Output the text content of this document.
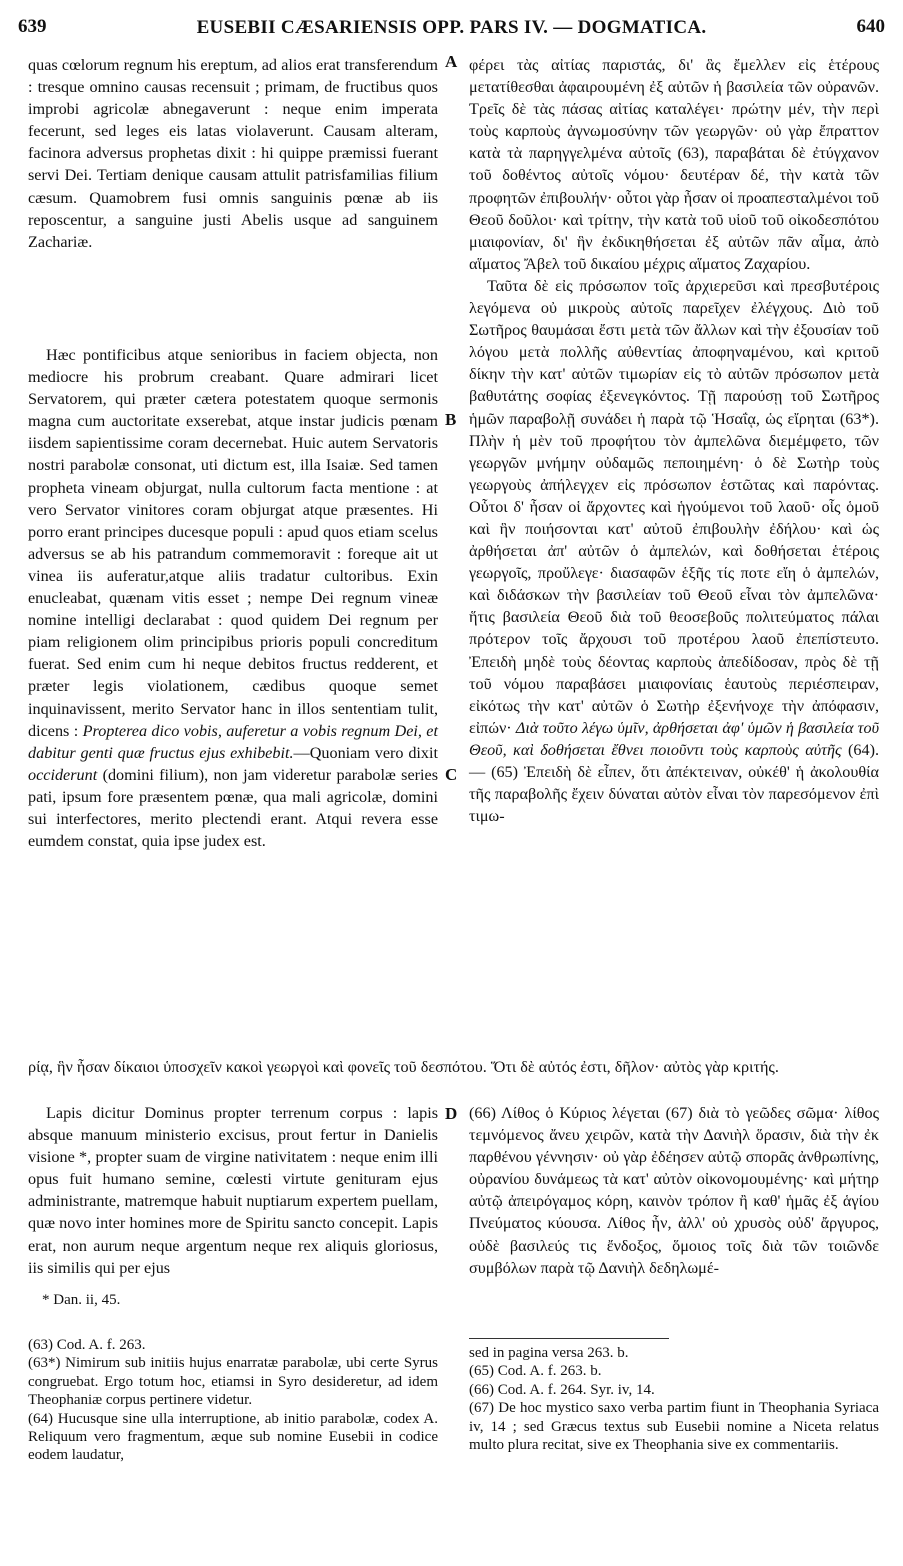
639	EUSEBII CÆSARIENSIS OPP. PARS IV. — DOGMATICA.	640
A
B
C
D

quas cœlorum regnum his ereptum, ad alios erat transferendum : tresque omnino causas recensuit ; primam, de fructibus quos improbi agricolæ abnegaverunt : neque enim imperata fecerunt, sed leges eis latas violaverunt. Causam alteram, facinora adversus prophetas dixit : hi quippe præmissi fuerant servi Dei. Tertiam denique causam attulit patrisfamilias filium cæsum. Quamobrem fusi omnis sanguinis pœnæ ab iis reposcentur, a sanguine justi Abelis usque ad sanguinem Zachariæ.

Hæc pontificibus atque senioribus in faciem objecta, non mediocre his probrum creabant. Quare admirari licet Servatorem, qui præter cætera potestatem quoque sermonis magna cum auctoritate exserebat, atque instar judicis pœnam iisdem sapientissime coram decernebat. Huic autem Servatoris nostri parabolæ consonat, uti dictum est, illa Isaiæ. Sed tamen propheta vineam objurgat, nulla cultorum facta mentione : at vero Servator vinitores coram objurgat atque præsentes. Hi porro erant principes ducesque populi : apud quos etiam scelus adversus se ab his patrandum commemoravit : foreque ait ut vinea iis auferatur,atque aliis tradatur cultoribus. Exin enucleabat, quænam vitis esset ; nempe Dei regnum vineæ nomine intelligi declarabat : quod quidem Dei regnum per piam religionem olim principibus prioris populi concreditum fuerat. Sed enim cum hi neque debitos fructus redderent, et præter legis violationem, cædibus quoque semet inquinavissent, merito Servator hanc in illos sententiam tulit, dicens : Propterea dico vobis, auferetur a vobis regnum Dei, et dabitur genti quæ fructus ejus exhibebit.—Quoniam vero dixit occiderunt (domini filium), non jam videretur parabolæ series pati, ipsum fore præsentem pœnæ, qua mali agricolæ, domini sui interfectores, merito plectendi erant. Atqui revera esse eumdem constat, quia ipse judex est.

φέρει τὰς αἰτίας παριστάς, δι' ἃς ἔμελλεν εἰς ἑτέρους μετατίθεσθαι ἀφαιρουμένη ἐξ αὐτῶν ἡ βασιλεία τῶν οὐρανῶν. Τρεῖς δὲ τὰς πάσας αἰτίας καταλέγει· πρώτην μέν, τὴν περὶ τοὺς καρποὺς ἀγνωμοσύνην τῶν γεωργῶν· οὐ γὰρ ἔπραττον κατὰ τὰ παρηγγελμένα αὐτοῖς (63), παραβάται δὲ ἐτύγχανον τοῦ δοθέντος αὐτοῖς νόμου· δευτέραν δέ, τὴν κατὰ τῶν προφητῶν ἐπιβουλήν· οὗτοι γὰρ ἦσαν οἱ προαπεσταλμένοι τοῦ Θεοῦ δοῦλοι· καὶ τρίτην, τὴν κατὰ τοῦ υἱοῦ τοῦ οἰκοδεσπότου μιαιφονίαν, δι' ἣν ἐκδικηθήσεται ἐξ αὐτῶν πᾶν αἷμα, ἀπὸ αἵματος Ἄβελ τοῦ δικαίου μέχρις αἵματος Ζαχαρίου.

Ταῦτα δὲ εἰς πρόσωπον τοῖς ἀρχιερεῦσι καὶ πρεσβυτέροις λεγόμενα οὐ μικροὺς αὐτοῖς παρεῖχεν ἐλέγχους. Διὸ τοῦ Σωτῆρος θαυμάσαι ἔστι μετὰ τῶν ἄλλων καὶ τὴν ἐξουσίαν τοῦ λόγου μετὰ πολλῆς αὐθεντίας ἀποφηναμένου, καὶ κριτοῦ δίκην τὴν κατ' αὐτῶν τιμωρίαν εἰς τὸ αὐτῶν πρόσωπον μετὰ βαθυτάτης σοφίας ἐξενεγκόντος. Τῇ παρούσῃ τοῦ Σωτῆρος ἡμῶν παραβολῇ συνάδει ἡ παρὰ τῷ Ἡσαΐᾳ, ὡς εἴρηται (63*). Πλὴν ἡ μὲν τοῦ προφήτου τὸν ἀμπελῶνα διεμέμφετο, τῶν γεωργῶν μνήμην οὐδαμῶς πεποιημένη· ὁ δὲ Σωτὴρ τοὺς γεωργοὺς ἀπήλεγχεν εἰς πρόσωπον ἑστῶτας καὶ παρόντας. Οὗτοι δ' ἦσαν οἱ ἄρχοντες καὶ ἡγούμενοι τοῦ λαοῦ· οἷς ὁμοῦ καὶ ἣν ποιήσονται κατ' αὐτοῦ ἐπιβουλὴν ἐδήλου· καὶ ὡς ἀρθήσεται ἀπ' αὐτῶν ὁ ἀμπελών, καὶ δοθήσεται ἑτέροις γεωργοῖς, προὔλεγε· διασαφῶν ἑξῆς τίς ποτε εἴη ὁ ἀμπελών, καὶ διδάσκων τὴν βασιλείαν τοῦ Θεοῦ εἶναι τὸν ἀμπελῶνα· ἥτις βασιλεία Θεοῦ διὰ τοῦ θεοσεβοῦς πολιτεύματος πάλαι πρότερον τοῖς ἄρχουσι τοῦ προτέρου λαοῦ ἐπεπίστευτο. Ἐπειδὴ μηδὲ τοὺς δέοντας καρποὺς ἀπεδίδοσαν, πρὸς δὲ τῇ τοῦ νόμου παραβάσει μιαιφονίαις ἑαυτοὺς περιέσπειραν, εἰκότως τὴν κατ' αὐτῶν ὁ Σωτὴρ ἐξενήνοχε τὴν ἀπόφασιν, εἰπών· Διὰ τοῦτο λέγω ὑμῖν, ἀρθήσεται ἀφ' ὑμῶν ἡ βασιλεία τοῦ Θεοῦ, καὶ δοθήσεται ἔθνει ποιοῦντι τοὺς καρποὺς αὐτῆς (64). — (65) Ἐπειδὴ δὲ εἶπεν, ὅτι ἀπέκτειναν, οὐκέθ' ἡ ἀκολουθία τῆς παραβολῆς ἔχειν δύναται αὐτὸν εἶναι τὸν παρεσόμενον ἐπὶ τιμω-

ρίᾳ, ἣν ἦσαν δίκαιοι ὑποσχεῖν κακοὶ γεωργοὶ καὶ φονεῖς τοῦ δεσπότου. Ὅτι δὲ αὐτός ἐστι, δῆλον· αὐτὸς γὰρ κριτής.

Lapis dicitur Dominus propter terrenum corpus : lapis absque manuum ministerio excisus, prout fertur in Danielis visione *, propter suam de virgine nativitatem : neque enim illi opus fuit humano semine, cœlesti virtute genituram ejus administrante, matremque habuit nuptiarum expertem puellam, quæ novo inter homines more de Spiritu sancto concepit. Lapis erat, non aurum neque argentum neque rex aliquis gloriosus, iis similis qui per ejus

* Dan. ii, 45.

(66) Λίθος ὁ Κύριος λέγεται (67) διὰ τὸ γεῶδες σῶμα· λίθος τεμνόμενος ἄνευ χειρῶν, κατὰ τὴν Δανιὴλ ὅρασιν, διὰ τὴν ἐκ παρθένου γέννησιν· οὐ γὰρ ἐδέησεν αὐτῷ σπορᾶς ἀνθρωπίνης, οὐρανίου δυνάμεως τὰ κατ' αὐτὸν οἰκονομουμένης· καὶ μήτηρ αὐτῷ ἀπειρόγαμος κόρη, καινὸν τρόπον ἢ καθ' ἡμᾶς ἐξ ἁγίου Πνεύματος κύουσα. Λίθος ἦν, ἀλλ' οὐ χρυσὸς οὐδ' ἄργυρος, οὐδὲ βασιλεύς τις ἔνδοξος, ὅμοιος τοῖς διὰ τῶν τοιῶνδε συμβόλων παρὰ τῷ Δανιὴλ δεδηλωμέ-

(63) Cod. A. f. 263.

(63*) Nimirum sub initiis hujus enarratæ parabolæ, ubi certe Syrus congruebat. Ergo totum hoc, etiamsi in Syro desideretur, ad idem Theophaniæ corpus pertinere videtur.

(64) Hucusque sine ulla interruptione, ab initio parabolæ, codex A. Reliquum vero fragmentum, æque sub nomine Eusebii in codice eodem laudatur,

sed in pagina versa 263. b.

(65) Cod. A. f. 263. b.

(66) Cod. A. f. 264. Syr. iv, 14.

(67) De hoc mystico saxo verba partim fiunt in Theophania Syriaca iv, 14 ; sed Græcus textus sub Eusebii nomine a Niceta relatus multo plura recitat, sive ex Theophania sive ex commentariis.
